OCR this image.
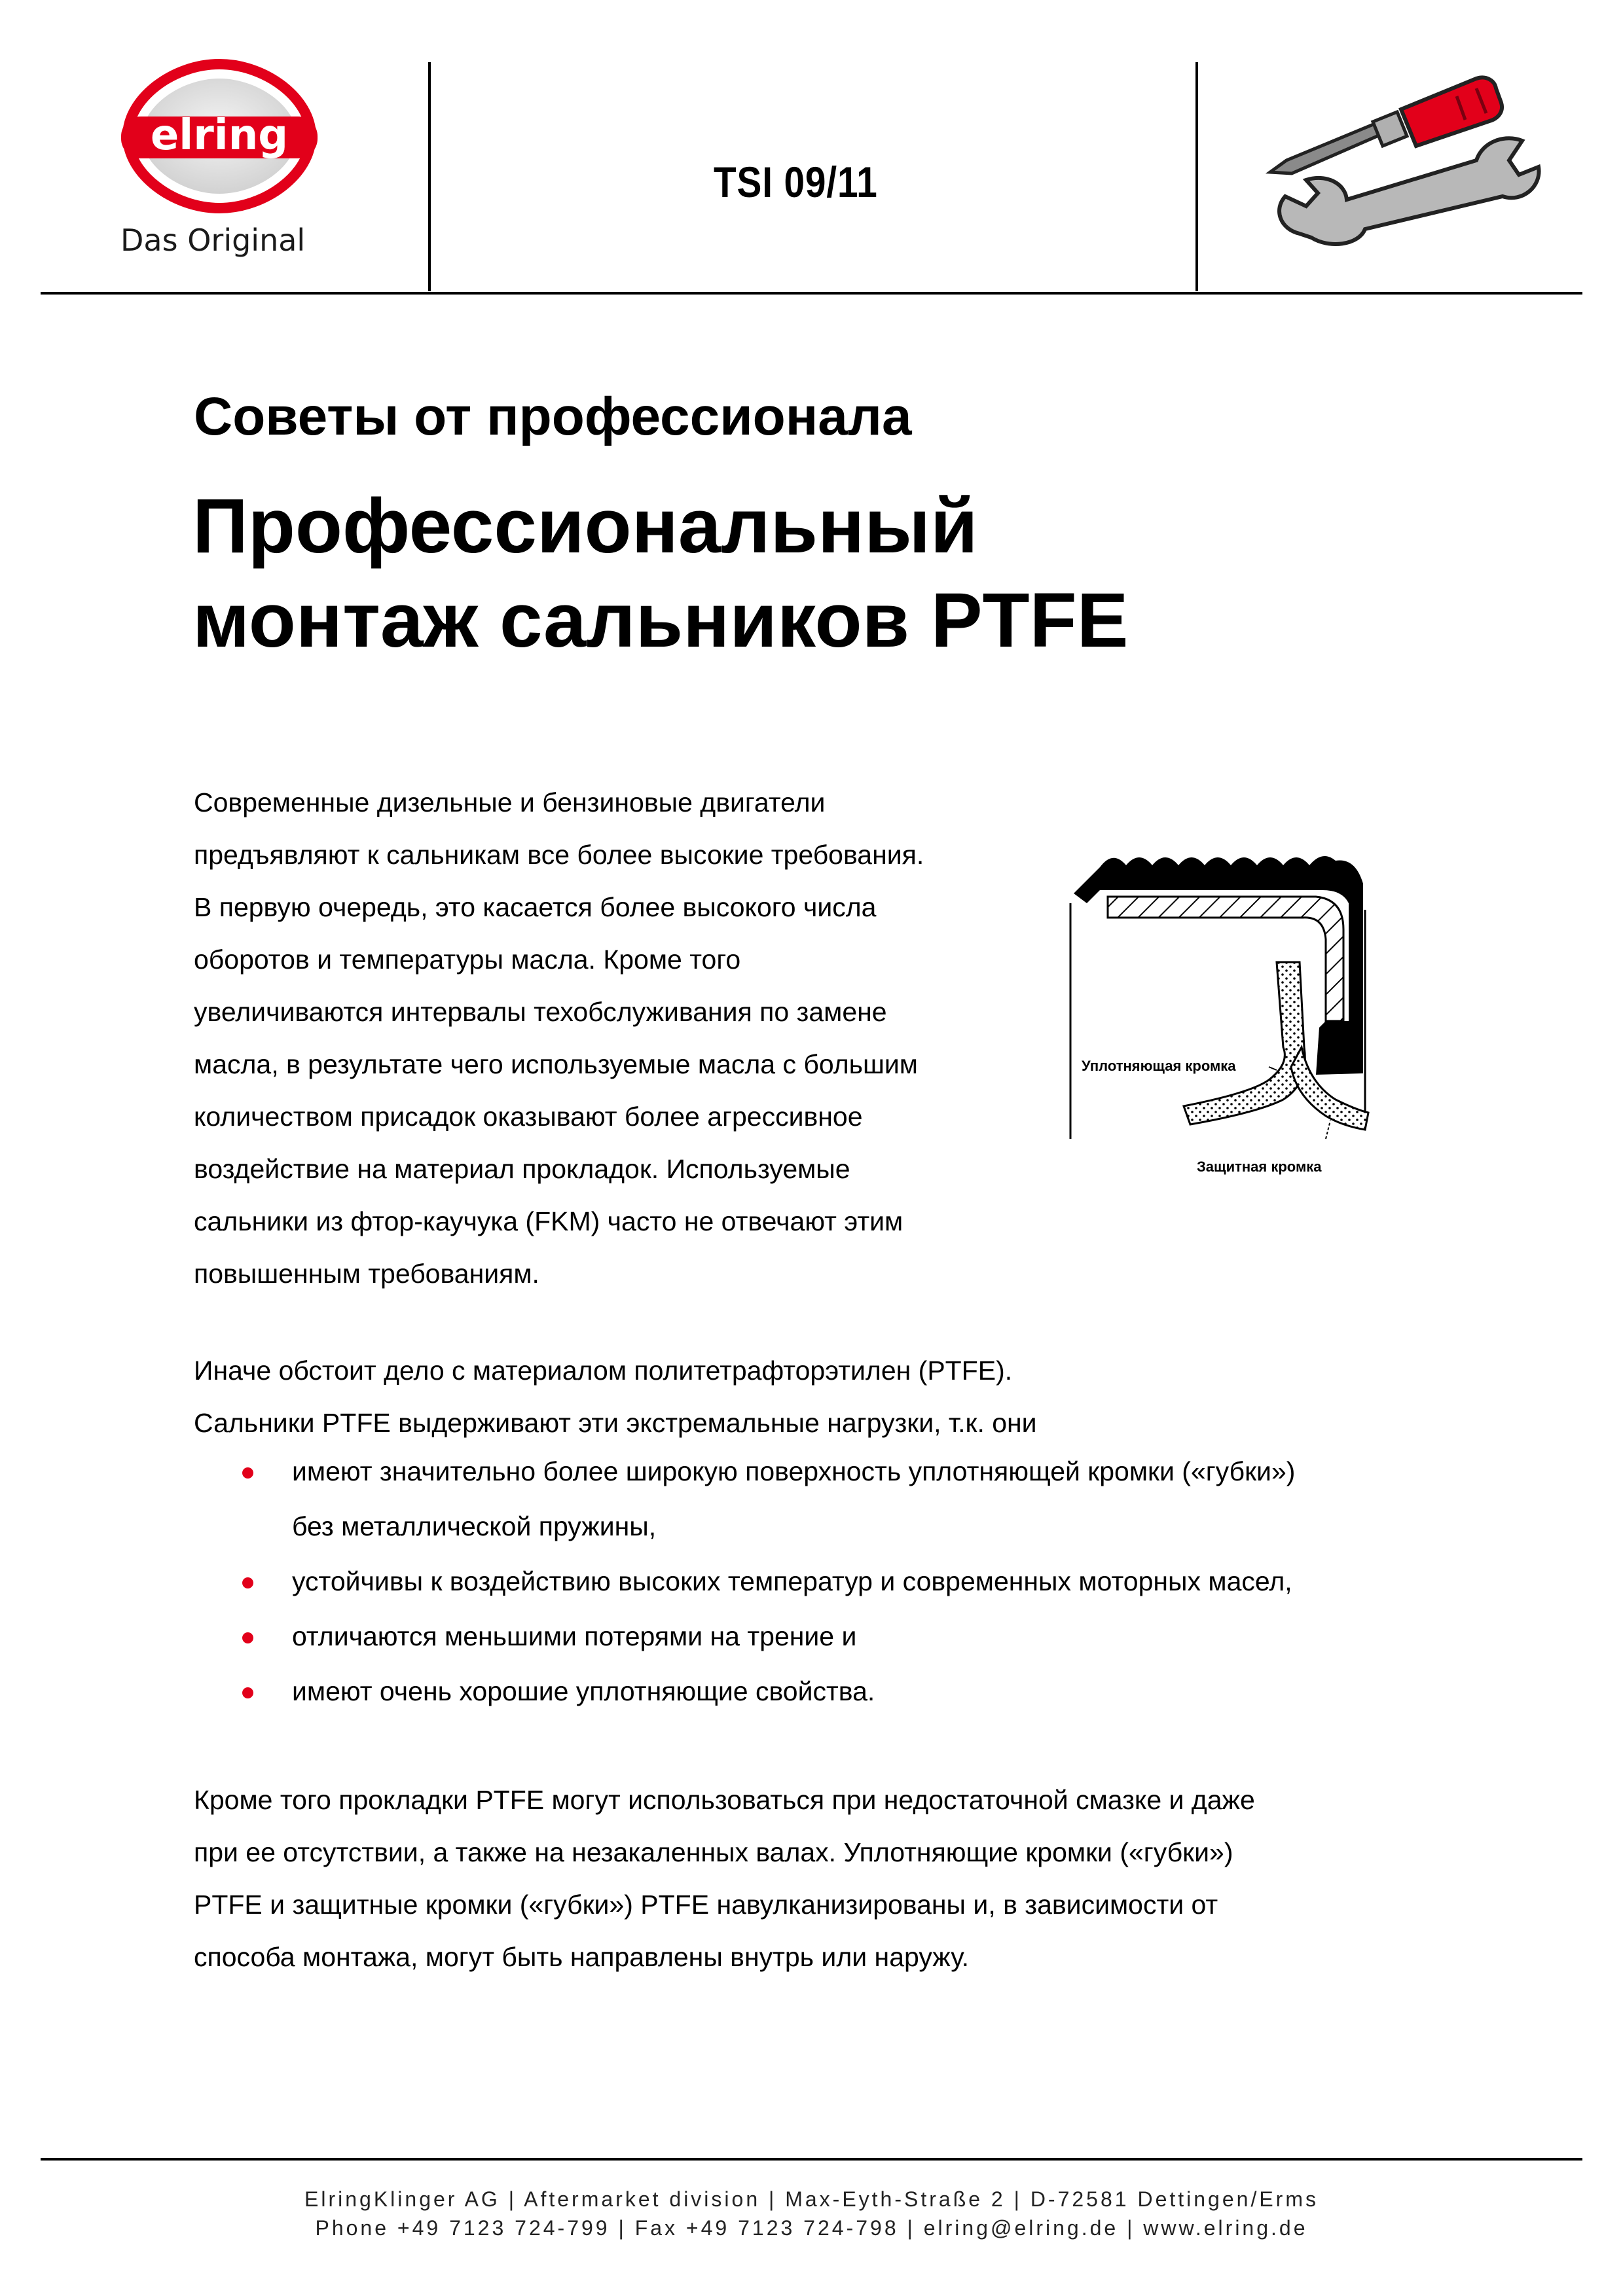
elring
Das Original
TSI 09/11
Советы от профессионала
Профессиональный
монтаж сальников PTFE
Современные дизельные и бензиновые двигатели
предъявляют к сальникам все более высокие требования.
В первую очередь, это касается более высокого числа
оборотов и температуры масла. Кроме того
увеличиваются интервалы техобслуживания по замене
масла, в результате чего используемые масла с большим
количеством присадок оказывают более агрессивное
воздействие на материал прокладок. Используемые
сальники из фтор-каучука (FKM) часто не отвечают этим
повышенным требованиям.
Уплотняющая кромка
Защитная кромка
Иначе обстоит дело с материалом политетрафторэтилен (PTFE).
Сальники PTFE выдерживают эти экстремальные нагрузки, т.к. они
имеют значительно более широкую поверхность уплотняющей кромки («губки»)
без металлической пружины,
устойчивы к воздействию высоких температур и современных моторных масел,
отличаются меньшими потерями на трение и
имеют очень хорошие уплотняющие свойства.
Кроме того прокладки PTFE могут использоваться при недостаточной смазке и даже
при ее отсутствии, а также на незакаленных валах. Уплотняющие кромки («губки»)
PTFE и защитные кромки («губки») PTFE навулканизированы и, в зависимости от
способа монтажа, могут быть направлены внутрь или наружу.
ElringKlinger AG | Aftermarket division | Max-Eyth-Straße 2 | D-72581 Dettingen/Erms
Phone +49 7123 724-799 | Fax +49 7123 724-798 | elring@elring.de | www.elring.de
